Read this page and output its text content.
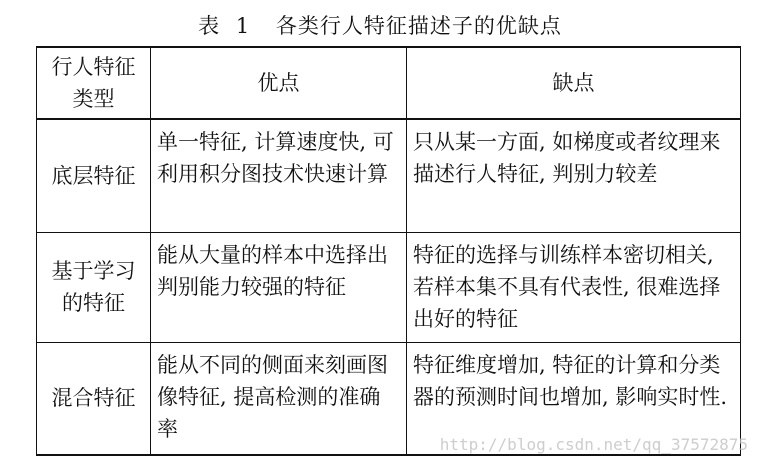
表 1 各类行人特征描述子的优缺点
行人特征类型	优点	缺点
底层特征	单一特征, 计算速度快, 可利用积分图技术快速计算	只从某一方面, 如梯度或者纹理来描述行人特征, 判别力较差
基于学习的特征	能从大量的样本中选择出判别能力较强的特征	特征的选择与训练样本密切相关, 若样本集不具有代表性, 很难选择出好的特征
混合特征	能从不同的侧面来刻画图像特征, 提高检测的准确率	特征维度增加, 特征的计算和分类器的预测时间也增加, 影响实时性.
http://blog.csdn.net/qq_37572875
